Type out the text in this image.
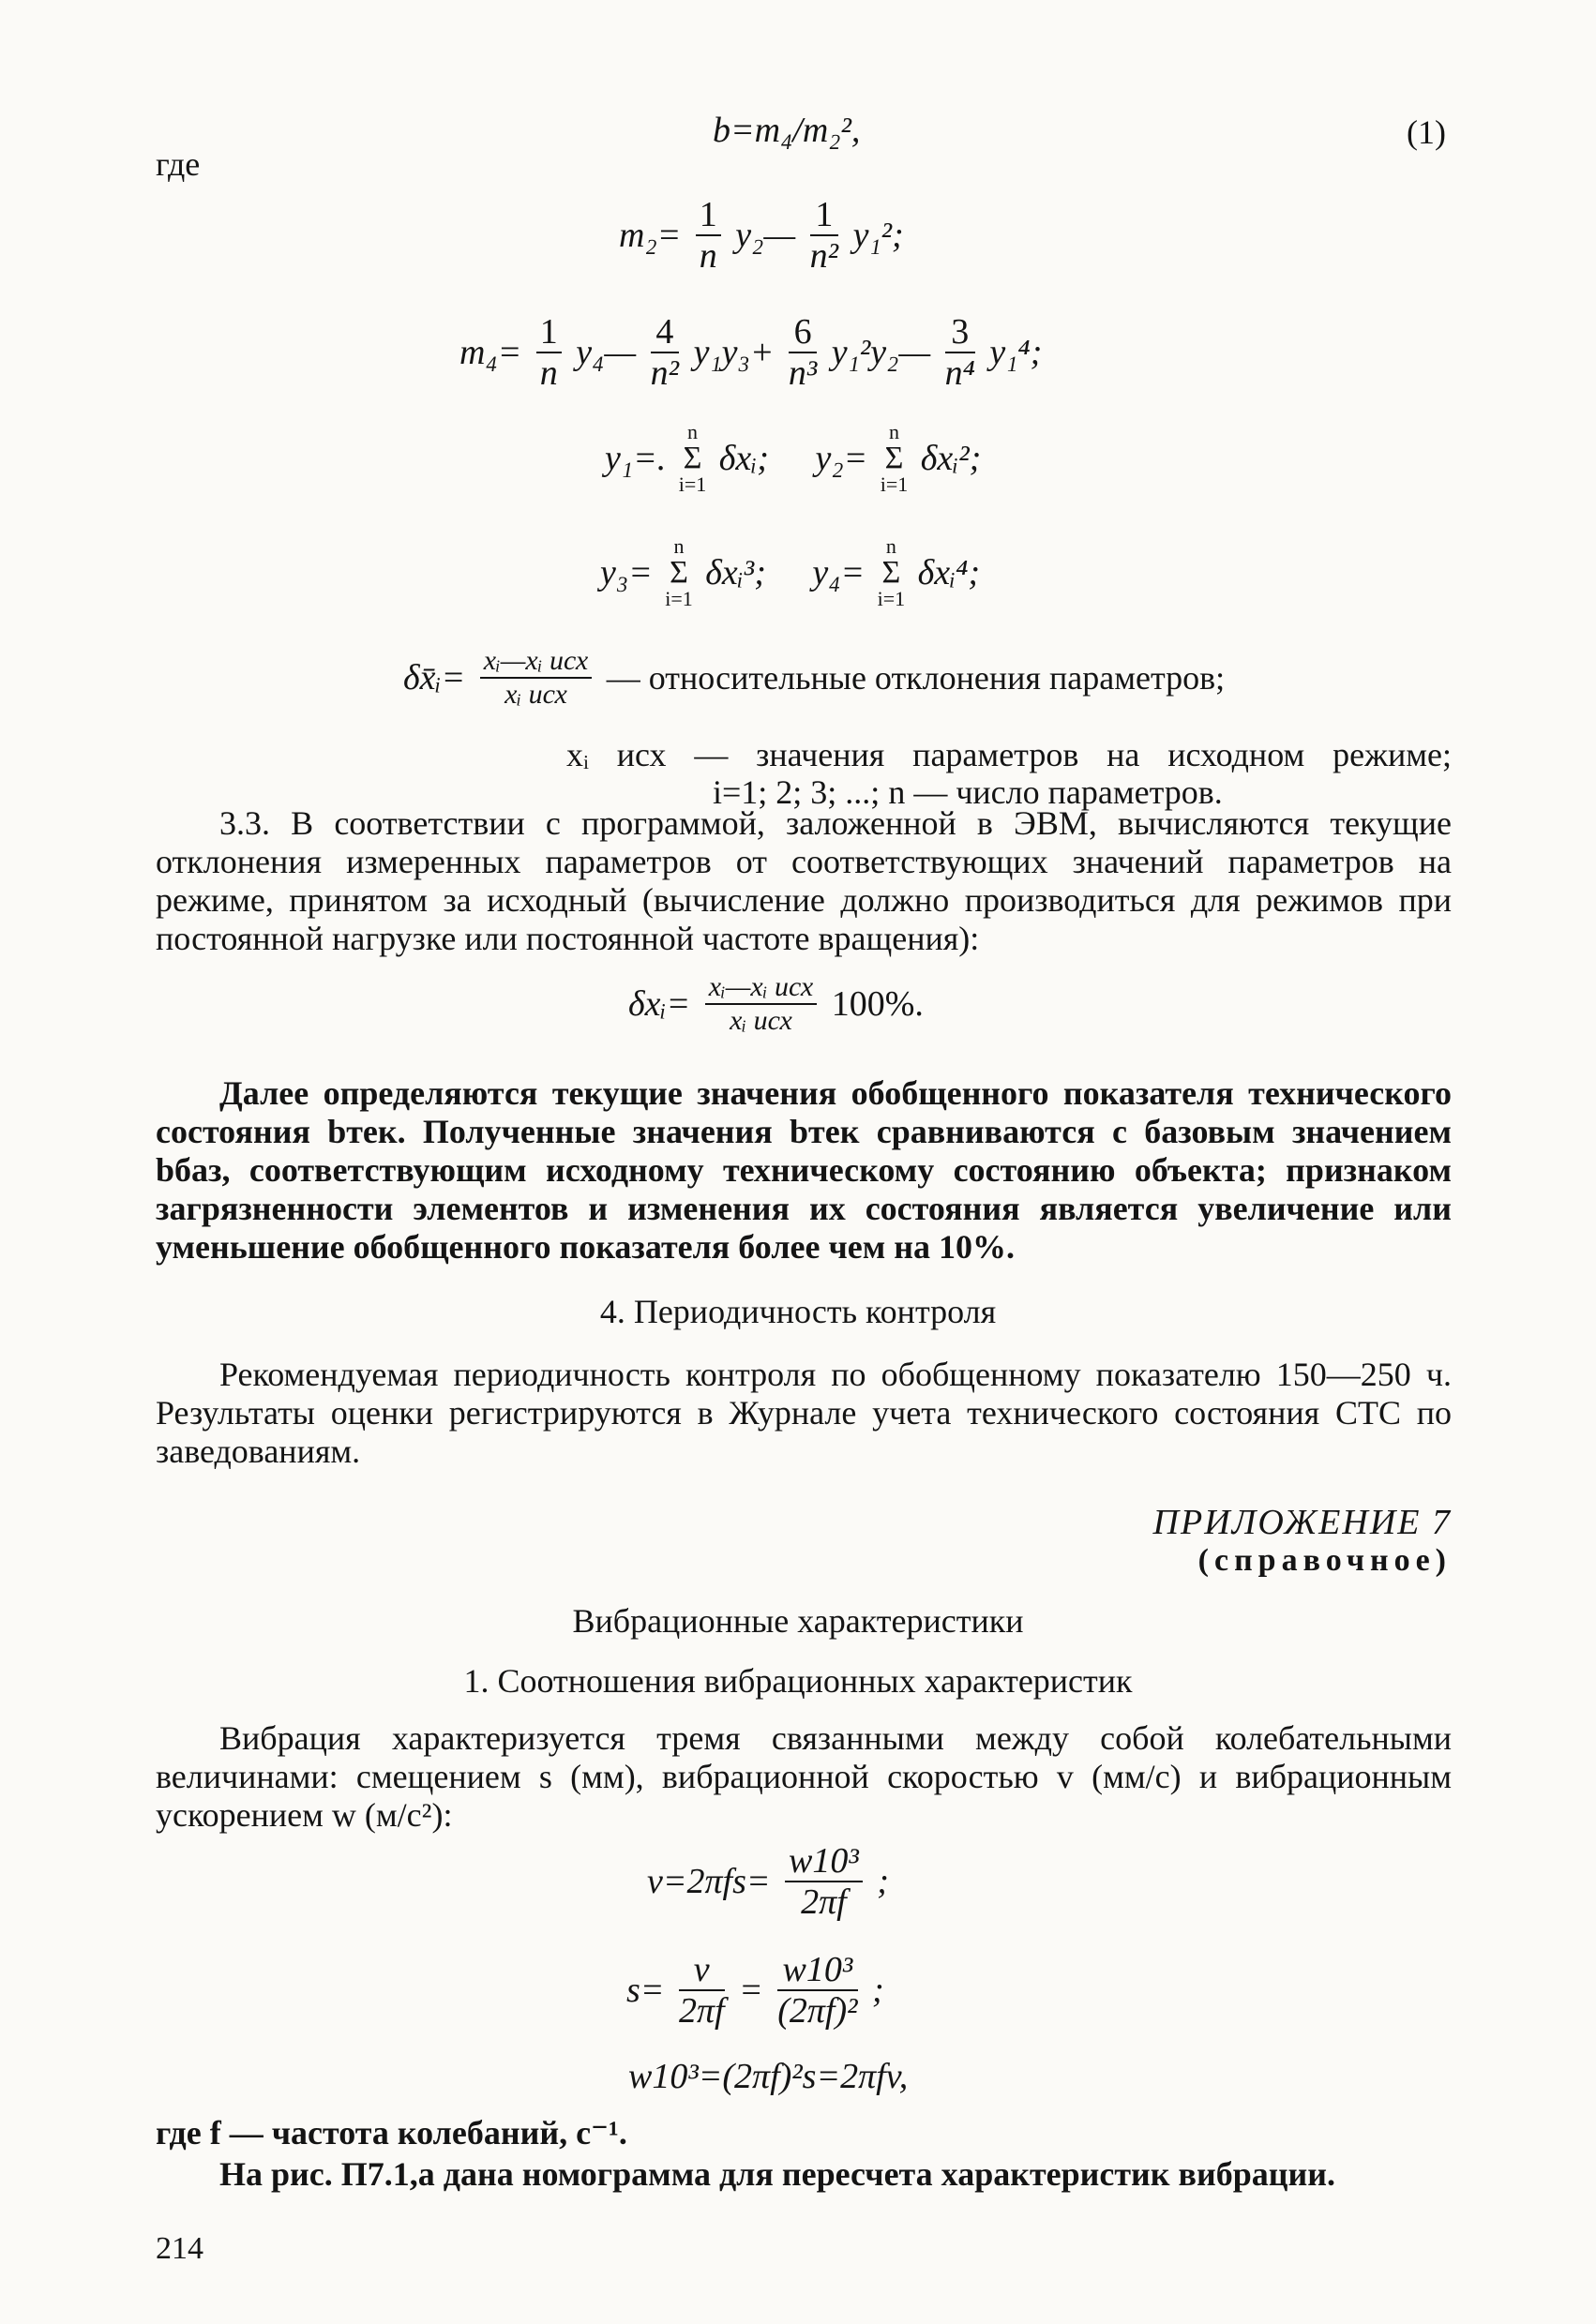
где
b=m₄/m₂²,	(1)
$m_2= \frac{1}{n}$ y₂— $\frac{1}{\text{n²}} y_1^2$;
$m_4= \frac{1}{n}$ y₄— $\frac{4}{\text{n²}} y_1y_3+ \frac{6}{\text{n³}}$ y₁²y₂— $\frac{3}{\text{n⁴}} y_1^4$;
y₁=.
n
Σ
i=1
δxᵢ; y₂=
n
Σ
i=1
δxᵢ²;
y₃=
n
Σ
i=1
δxᵢ³; y₄=
n
Σ
i=1
δxᵢ⁴;
δx̄ᵢ= $\frac{\text{xᵢ—xᵢ исх}}{\text{xᵢ исх}}$ — относительные отклонения параметров;
xᵢ исх — значения параметров на исходном режиме;
i=1; 2; 3; ...; n — число параметров.
3.3. В соответствии с программой, заложенной в ЭВМ, вычисляются текущие отклонения измеренных параметров от соответствующих значений параметров на режиме, принятом за исходный (вычисление должно производиться для режимов при постоянной нагрузке или постоянной частоте вращения):
δxᵢ= $\frac{\text{xᵢ—xᵢ исх}}{\text{xᵢ исх}} 100\%$.
Далее определяются текущие значения обобщенного показателя технического состояния bтек. Полученные значения bтек сравниваются с базовым значением bбаз, соответствующим исходному техническому состоянию объекта; признаком загрязненности элементов и изменения их состояния является увеличение или уменьшение обобщенного показателя более чем на 10%.
4. Периодичность контроля
Рекомендуемая периодичность контроля по обобщенному показателю 150—250 ч. Результаты оценки регистрируются в Журнале учета технического состояния СТС по заведованиям.
ПРИЛОЖЕНИЕ 7
(справочное)
Вибрационные характеристики
1. Соотношения вибрационных характеристик
Вибрация характеризуется тремя связанными между собой колебательными величинами: смещением s (мм), вибрационной скоростью v (мм/с) и вибрационным ускорением w (м/с²):
$v=2\pi fs= \frac{\text{w10³}}{2\pi f}$ ;
$s= \frac{v}{2\pi f} = \frac{\text{w10³}}{\text{(2πf)²}}$ ;
w10³=(2πf)²s=2πfv,
где f — частота колебаний, с⁻¹.
На рис. П7.1,а дана номограмма для пересчета характеристик вибрации.
214
